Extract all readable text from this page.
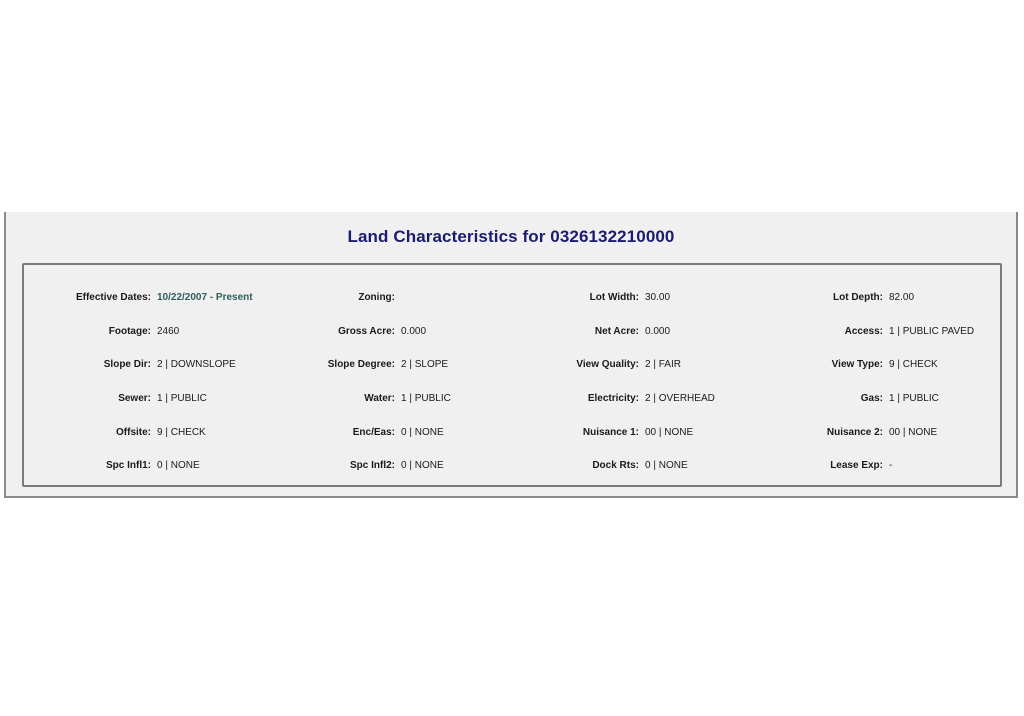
Land Characteristics for 0326132210000
Effective Dates: 10/22/2007 - Present	Zoning:	Lot Width: 30.00	Lot Depth: 82.00
Footage: 2460	Gross Acre: 0.000	Net Acre: 0.000	Access: 1 | PUBLIC PAVED
Slope Dir: 2 | DOWNSLOPE	Slope Degree: 2 | SLOPE	View Quality: 2 | FAIR	View Type: 9 | CHECK
Sewer: 1 | PUBLIC	Water: 1 | PUBLIC	Electricity: 2 | OVERHEAD	Gas: 1 | PUBLIC
Offsite: 9 | CHECK	Enc/Eas: 0 | NONE	Nuisance 1: 00 | NONE	Nuisance 2: 00 | NONE
Spc Infl1: 0 | NONE	Spc Infl2: 0 | NONE	Dock Rts: 0 | NONE	Lease Exp: -
